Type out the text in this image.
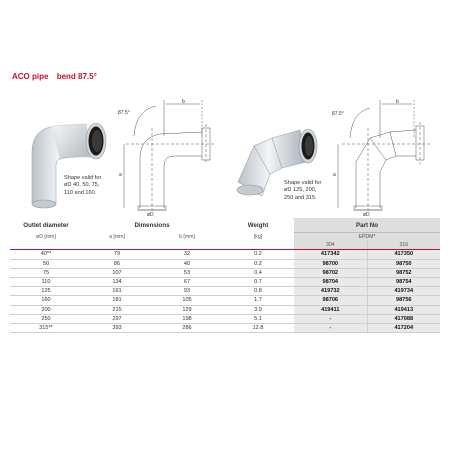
ACO pipe bend 87.5°
Shape valid for
øD 40, 50, 75,
110 and 160.
87.5°
b
a
øD
Shape valid for
øD 125, 200,
250 and 315.
87.5°
b
a
øD
Outlet diameter	Dimensions		Weight	Part No	
øD [mm]	a [mm]	b [mm]	[kg]	EPDM*	
				304	316
40**	79	32	0.2	417342	417350
50	86	40	0.2	98700	98750
75	107	53	0.4	98702	98752
110	134	67	0.7	98704	98754
125	161	93	0.8	419732	419734
160	181	105	1.7	98706	98756
200	215	129	3.9	419411	419413
250	297	198	5.1	-	417088
315**	393	286	12.8	-	417204
